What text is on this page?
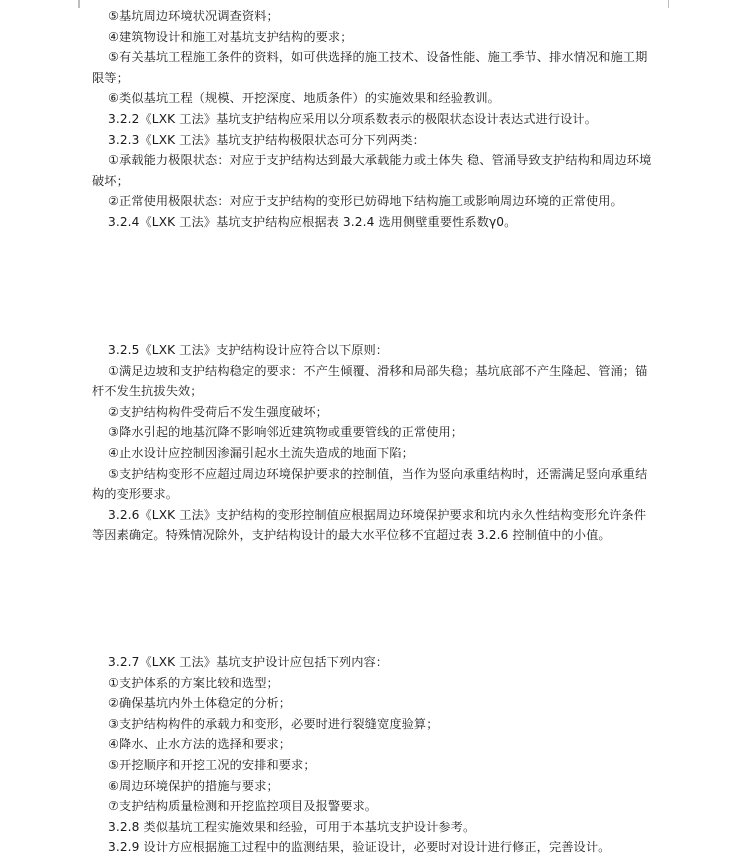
⑤基坑周边环境状况调查资料；
④建筑物设计和施工对基坑支护结构的要求；
⑤有关基坑工程施工条件的资料，如可供选择的施工技术、设备性能、施工季节、排水情况和施工期限等；
⑥类似基坑工程（规模、开挖深度、地质条件）的实施效果和经验教训。
3.2.2《LXK 工法》基坑支护结构应采用以分项系数表示的极限状态设计表达式进行设计。
3.2.3《LXK 工法》基坑支护结构极限状态可分下列两类：
①承载能力极限状态：对应于支护结构达到最大承载能力或土体失 稳、管涌导致支护结构和周边环境破坏；
②正常使用极限状态：对应于支护结构的变形已妨碍地下结构施工或影响周边环境的正常使用。
3.2.4《LXK 工法》基坑支护结构应根据表 3.2.4 选用侧壁重要性系数γ0。
3.2.5《LXK 工法》支护结构设计应符合以下原则：
①满足边坡和支护结构稳定的要求：不产生倾覆、滑移和局部失稳；基坑底部不产生隆起、管涌；锚杆不发生抗拔失效；
②支护结构构件受荷后不发生强度破坏；
③降水引起的地基沉降不影响邻近建筑物或重要管线的正常使用；
④止水设计应控制因渗漏引起水土流失造成的地面下陷；
⑤支护结构变形不应超过周边环境保护要求的控制值，当作为竖向承重结构时，还需满足竖向承重结构的变形要求。
3.2.6《LXK 工法》支护结构的变形控制值应根据周边环境保护要求和坑内永久性结构变形允许条件等因素确定。特殊情况除外，支护结构设计的最大水平位移不宜超过表 3.2.6 控制值中的小值。
3.2.7《LXK 工法》基坑支护设计应包括下列内容：
①支护体系的方案比较和选型；
②确保基坑内外土体稳定的分析；
③支护结构构件的承载力和变形，必要时进行裂缝宽度验算；
④降水、止水方法的选择和要求；
⑤开挖顺序和开挖工况的安排和要求；
⑥周边环境保护的措施与要求；
⑦支护结构质量检测和开挖监控项目及报警要求。
3.2.8 类似基坑工程实施效果和经验，可用于本基坑支护设计参考。
3.2.9 设计方应根据施工过程中的监测结果，验证设计，必要时对设计进行修正，完善设计。
